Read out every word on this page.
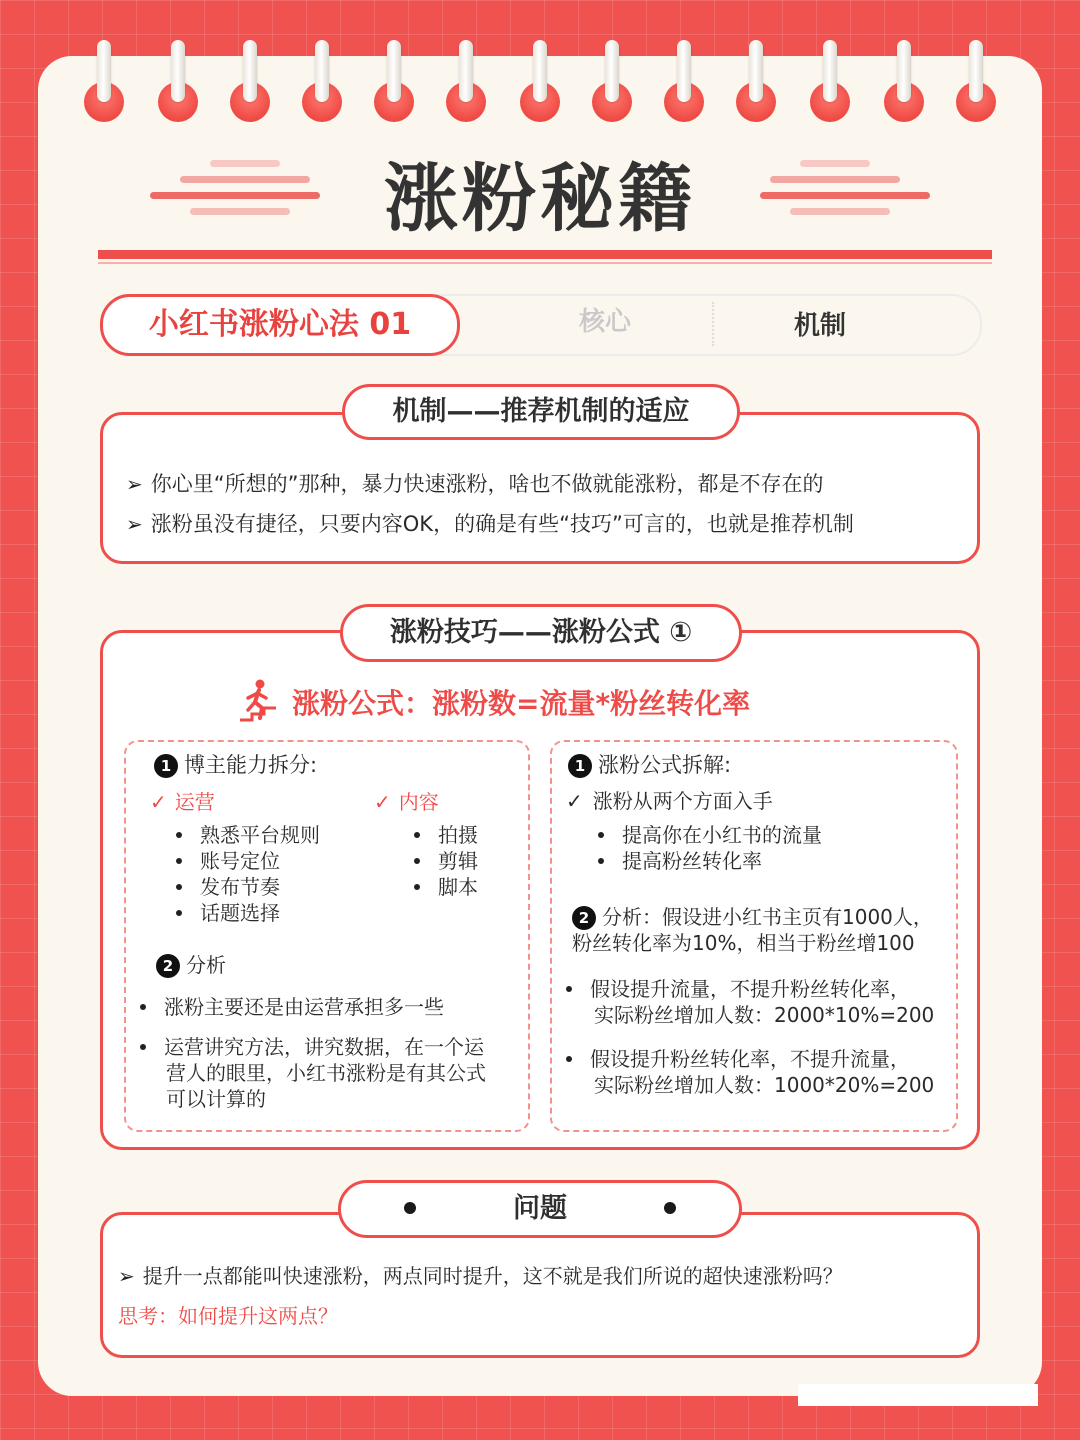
涨粉秘籍
小红书涨粉心法 01	核心	机制
机制——推荐机制的适应
➢ 你心里“所想的”那种，暴力快速涨粉，啥也不做就能涨粉，都是不存在的
➢ 涨粉虽没有捷径，只要内容OK，的确是有些“技巧”可言的，也就是推荐机制
涨粉技巧——涨粉公式 ①
涨粉公式：涨粉数=流量*粉丝转化率
1 博主能力拆分:
✓ 运营	✓ 内容
熟悉平台规则
账号定位
发布节奏
话题选择
拍摄
剪辑
脚本
2 分析
涨粉主要还是由运营承担多一些
运营讲究方法，讲究数据，在一个运
营人的眼里，小红书涨粉是有其公式
可以计算的
1 涨粉公式拆解:
✓ 涨粉从两个方面入手
提高你在小红书的流量
提高粉丝转化率
2 分析：假设进小红书主页有1000人，
粉丝转化率为10%，相当于粉丝增100
假设提升流量，不提升粉丝转化率，
实际粉丝增加人数：2000*10%=200
假设提升粉丝转化率，不提升流量，
实际粉丝增加人数：1000*20%=200
问题
➢ 提升一点都能叫快速涨粉，两点同时提升，这不就是我们所说的超快速涨粉吗？
思考：如何提升这两点？
